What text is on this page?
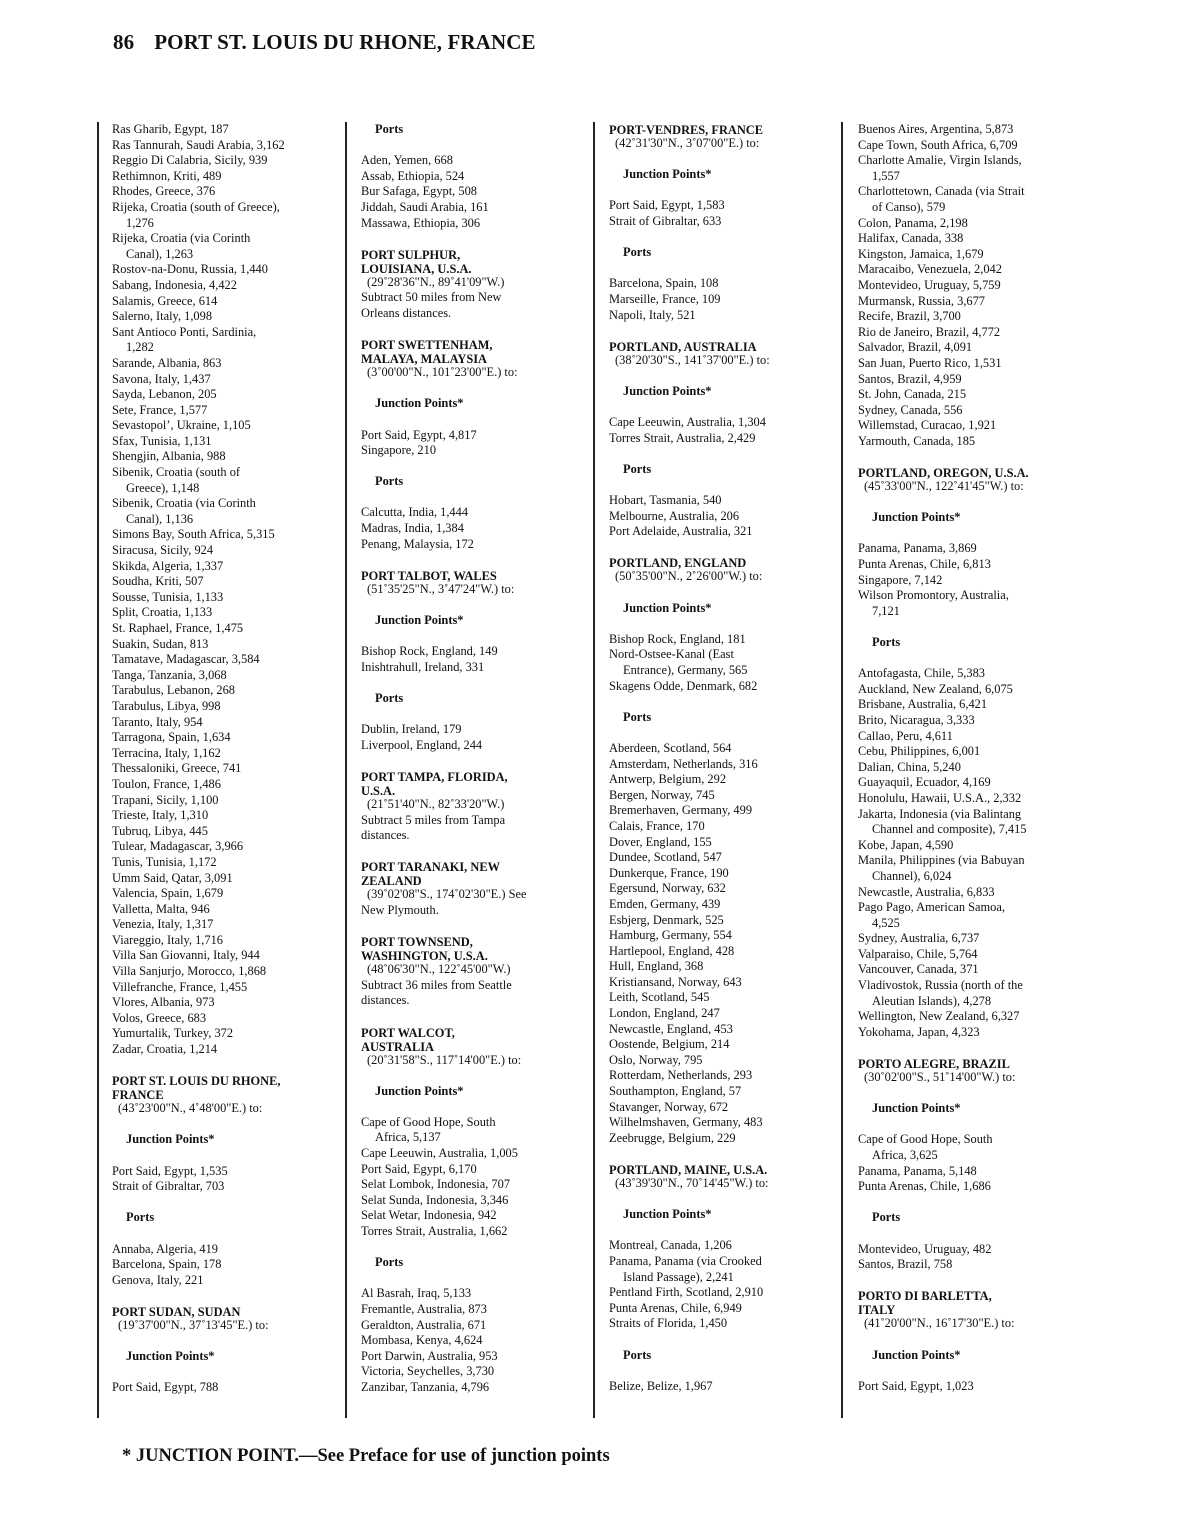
86 PORT ST. LOUIS DU RHONE, FRANCE
Ras Gharib, Egypt, 187
Ras Tannurah, Saudi Arabia, 3,162
Reggio Di Calabria, Sicily, 939
Rethimnon, Kriti, 489
Rhodes, Greece, 376
Rijeka, Croatia (south of Greece),
1,276
Rijeka, Croatia (via Corinth
Canal), 1,263
Rostov-na-Donu, Russia, 1,440
Sabang, Indonesia, 4,422
Salamis, Greece, 614
Salerno, Italy, 1,098
Sant Antioco Ponti, Sardinia,
1,282
Sarande, Albania, 863
Savona, Italy, 1,437
Sayda, Lebanon, 205
Sete, France, 1,577
Sevastopol’, Ukraine, 1,105
Sfax, Tunisia, 1,131
Shengjin, Albania, 988
Sibenik, Croatia (south of
Greece), 1,148
Sibenik, Croatia (via Corinth
Canal), 1,136
Simons Bay, South Africa, 5,315
Siracusa, Sicily, 924
Skikda, Algeria, 1,337
Soudha, Kriti, 507
Sousse, Tunisia, 1,133
Split, Croatia, 1,133
St. Raphael, France, 1,475
Suakin, Sudan, 813
Tamatave, Madagascar, 3,584
Tanga, Tanzania, 3,068
Tarabulus, Lebanon, 268
Tarabulus, Libya, 998
Taranto, Italy, 954
Tarragona, Spain, 1,634
Terracina, Italy, 1,162
Thessaloniki, Greece, 741
Toulon, France, 1,486
Trapani, Sicily, 1,100
Trieste, Italy, 1,310
Tubruq, Libya, 445
Tulear, Madagascar, 3,966
Tunis, Tunisia, 1,172
Umm Said, Qatar, 3,091
Valencia, Spain, 1,679
Valletta, Malta, 946
Venezia, Italy, 1,317
Viareggio, Italy, 1,716
Villa San Giovanni, Italy, 944
Villa Sanjurjo, Morocco, 1,868
Villefranche, France, 1,455
Vlores, Albania, 973
Volos, Greece, 683
Yumurtalik, Turkey, 372
Zadar, Croatia, 1,214
PORT ST. LOUIS DU RHONE,
FRANCE
(43˚23'00"N., 4˚48'00"E.) to:
Junction Points*
Port Said, Egypt, 1,535
Strait of Gibraltar, 703
Ports
Annaba, Algeria, 419
Barcelona, Spain, 178
Genova, Italy, 221
PORT SUDAN, SUDAN
(19˚37'00"N., 37˚13'45"E.) to:
Junction Points*
Port Said, Egypt, 788
Ports
Aden, Yemen, 668
Assab, Ethiopia, 524
Bur Safaga, Egypt, 508
Jiddah, Saudi Arabia, 161
Massawa, Ethiopia, 306
PORT SULPHUR,
LOUISIANA, U.S.A.
(29˚28'36"N., 89˚41'09"W.)
Subtract 50 miles from New
Orleans distances.
PORT SWETTENHAM,
MALAYA, MALAYSIA
(3˚00'00"N., 101˚23'00"E.) to:
Junction Points*
Port Said, Egypt, 4,817
Singapore, 210
Ports
Calcutta, India, 1,444
Madras, India, 1,384
Penang, Malaysia, 172
PORT TALBOT, WALES
(51˚35'25"N., 3˚47'24"W.) to:
Junction Points*
Bishop Rock, England, 149
Inishtrahull, Ireland, 331
Ports
Dublin, Ireland, 179
Liverpool, England, 244
PORT TAMPA, FLORIDA,
U.S.A.
(21˚51'40"N., 82˚33'20"W.)
Subtract 5 miles from Tampa
distances.
PORT TARANAKI, NEW
ZEALAND
(39˚02'08"S., 174˚02'30"E.) See
New Plymouth.
PORT TOWNSEND,
WASHINGTON, U.S.A.
(48˚06'30"N., 122˚45'00"W.)
Subtract 36 miles from Seattle
distances.
PORT WALCOT,
AUSTRALIA
(20˚31'58"S., 117˚14'00"E.) to:
Junction Points*
Cape of Good Hope, South
Africa, 5,137
Cape Leeuwin, Australia, 1,005
Port Said, Egypt, 6,170
Selat Lombok, Indonesia, 707
Selat Sunda, Indonesia, 3,346
Selat Wetar, Indonesia, 942
Torres Strait, Australia, 1,662
Ports
Al Basrah, Iraq, 5,133
Fremantle, Australia, 873
Geraldton, Australia, 671
Mombasa, Kenya, 4,624
Port Darwin, Australia, 953
Victoria, Seychelles, 3,730
Zanzibar, Tanzania, 4,796
PORT-VENDRES, FRANCE
(42˚31'30"N., 3˚07'00"E.) to:
Junction Points*
Port Said, Egypt, 1,583
Strait of Gibraltar, 633
Ports
Barcelona, Spain, 108
Marseille, France, 109
Napoli, Italy, 521
PORTLAND, AUSTRALIA
(38˚20'30"S., 141˚37'00"E.) to:
Junction Points*
Cape Leeuwin, Australia, 1,304
Torres Strait, Australia, 2,429
Ports
Hobart, Tasmania, 540
Melbourne, Australia, 206
Port Adelaide, Australia, 321
PORTLAND, ENGLAND
(50˚35'00"N., 2˚26'00"W.) to:
Junction Points*
Bishop Rock, England, 181
Nord-Ostsee-Kanal (East
Entrance), Germany, 565
Skagens Odde, Denmark, 682
Ports
Aberdeen, Scotland, 564
Amsterdam, Netherlands, 316
Antwerp, Belgium, 292
Bergen, Norway, 745
Bremerhaven, Germany, 499
Calais, France, 170
Dover, England, 155
Dundee, Scotland, 547
Dunkerque, France, 190
Egersund, Norway, 632
Emden, Germany, 439
Esbjerg, Denmark, 525
Hamburg, Germany, 554
Hartlepool, England, 428
Hull, England, 368
Kristiansand, Norway, 643
Leith, Scotland, 545
London, England, 247
Newcastle, England, 453
Oostende, Belgium, 214
Oslo, Norway, 795
Rotterdam, Netherlands, 293
Southampton, England, 57
Stavanger, Norway, 672
Wilhelmshaven, Germany, 483
Zeebrugge, Belgium, 229
PORTLAND, MAINE, U.S.A.
(43˚39'30"N., 70˚14'45"W.) to:
Junction Points*
Montreal, Canada, 1,206
Panama, Panama (via Crooked
Island Passage), 2,241
Pentland Firth, Scotland, 2,910
Punta Arenas, Chile, 6,949
Straits of Florida, 1,450
Ports
Belize, Belize, 1,967
Buenos Aires, Argentina, 5,873
Cape Town, South Africa, 6,709
Charlotte Amalie, Virgin Islands,
1,557
Charlottetown, Canada (via Strait
of Canso), 579
Colon, Panama, 2,198
Halifax, Canada, 338
Kingston, Jamaica, 1,679
Maracaibo, Venezuela, 2,042
Montevideo, Uruguay, 5,759
Murmansk, Russia, 3,677
Recife, Brazil, 3,700
Rio de Janeiro, Brazil, 4,772
Salvador, Brazil, 4,091
San Juan, Puerto Rico, 1,531
Santos, Brazil, 4,959
St. John, Canada, 215
Sydney, Canada, 556
Willemstad, Curacao, 1,921
Yarmouth, Canada, 185
PORTLAND, OREGON, U.S.A.
(45˚33'00"N., 122˚41'45"W.) to:
Junction Points*
Panama, Panama, 3,869
Punta Arenas, Chile, 6,813
Singapore, 7,142
Wilson Promontory, Australia,
7,121
Ports
Antofagasta, Chile, 5,383
Auckland, New Zealand, 6,075
Brisbane, Australia, 6,421
Brito, Nicaragua, 3,333
Callao, Peru, 4,611
Cebu, Philippines, 6,001
Dalian, China, 5,240
Guayaquil, Ecuador, 4,169
Honolulu, Hawaii, U.S.A., 2,332
Jakarta, Indonesia (via Balintang
Channel and composite), 7,415
Kobe, Japan, 4,590
Manila, Philippines (via Babuyan
Channel), 6,024
Newcastle, Australia, 6,833
Pago Pago, American Samoa,
4,525
Sydney, Australia, 6,737
Valparaiso, Chile, 5,764
Vancouver, Canada, 371
Vladivostok, Russia (north of the
Aleutian Islands), 4,278
Wellington, New Zealand, 6,327
Yokohama, Japan, 4,323
PORTO ALEGRE, BRAZIL
(30˚02'00"S., 51˚14'00"W.) to:
Junction Points*
Cape of Good Hope, South
Africa, 3,625
Panama, Panama, 5,148
Punta Arenas, Chile, 1,686
Ports
Montevideo, Uruguay, 482
Santos, Brazil, 758
PORTO DI BARLETTA,
ITALY
(41˚20'00"N., 16˚17'30"E.) to:
Junction Points*
Port Said, Egypt, 1,023
* JUNCTION POINT.—See Preface for use of junction points
